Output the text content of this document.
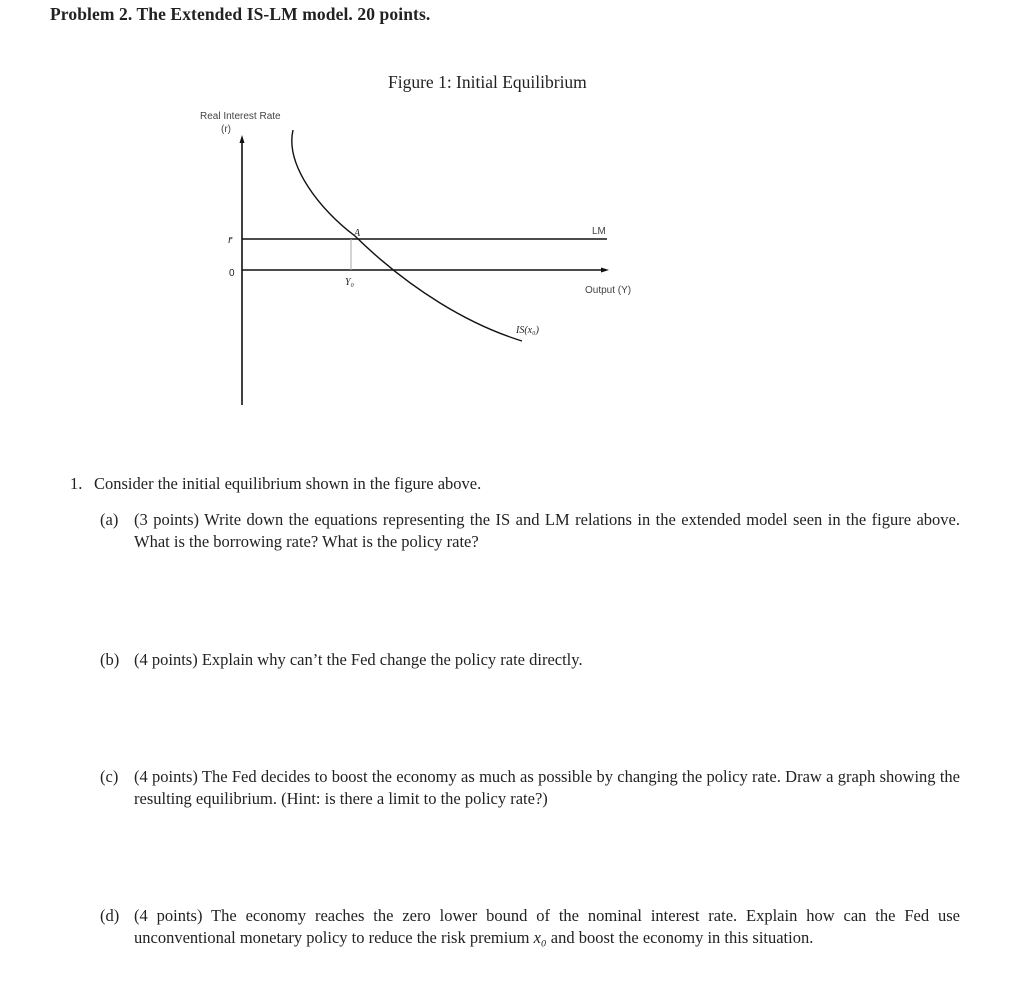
Problem 2. The Extended IS-LM model. 20 points.
Figure 1: Initial Equilibrium
Real Interest Rate
(r)
r̄
0
A
Y₀
LM
Output (Y)
IS(x₀)
1. Consider the initial equilibrium shown in the figure above.
(a) (3 points) Write down the equations representing the IS and LM relations in the extended model seen in the figure above. What is the borrowing rate? What is the policy rate?
(b) (4 points) Explain why can’t the Fed change the policy rate directly.
(c) (4 points) The Fed decides to boost the economy as much as possible by changing the policy rate. Draw a graph showing the resulting equilibrium. (Hint: is there a limit to the policy rate?)
(d) (4 points) The economy reaches the zero lower bound of the nominal interest rate. Explain how can the Fed use unconventional monetary policy to reduce the risk premium x₀ and boost the economy in this situation.
